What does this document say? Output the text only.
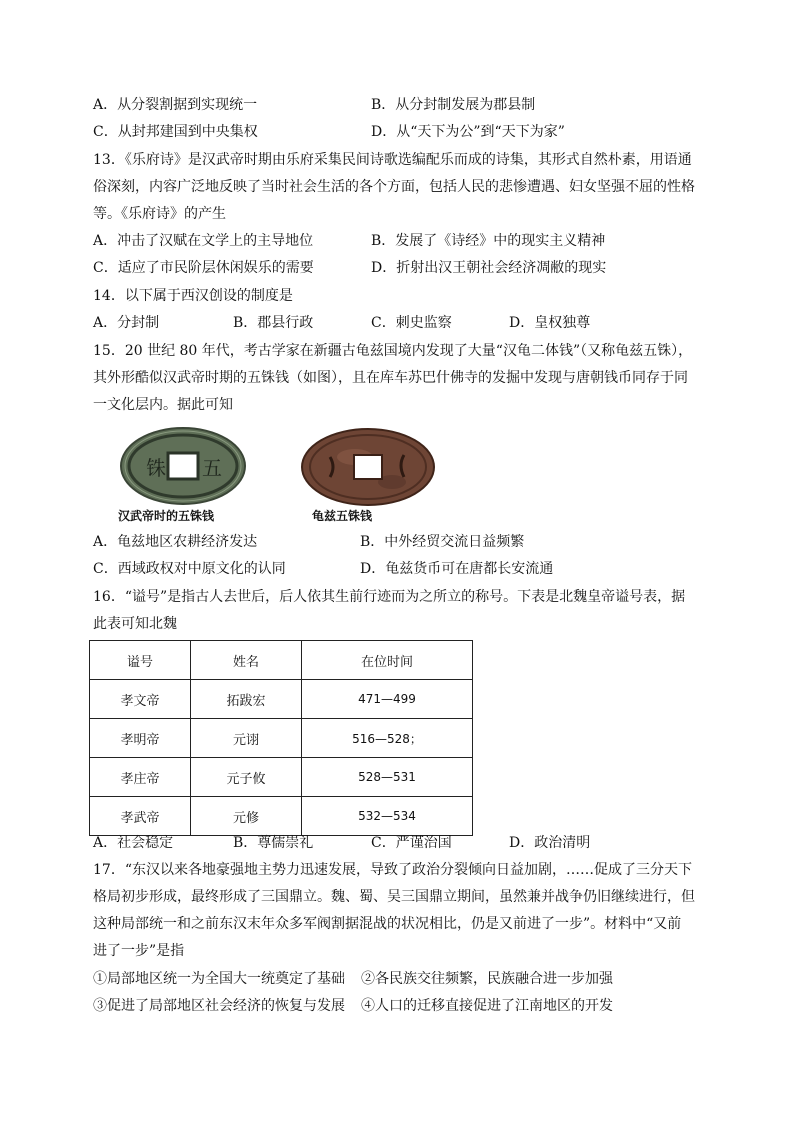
A．从分裂割据到实现统一	B．从分封制发展为郡县制
C．从封邦建国到中央集权	D．从“天下为公”到“天下为家”
13．《乐府诗》是汉武帝时期由乐府采集民间诗歌选编配乐而成的诗集，其形式自然朴素，用语通
俗深刻，内容广泛地反映了当时社会生活的各个方面，包括人民的悲惨遭遇、妇女坚强不屈的性格
等。《乐府诗》的产生
A．冲击了汉赋在文学上的主导地位	B．发展了《诗经》中的现实主义精神
C．适应了市民阶层休闲娱乐的需要	D．折射出汉王朝社会经济凋敝的现实
14．以下属于西汉创设的制度是
A．分封制	B．郡县行政	C．刺史监察	D．皇权独尊
15．20 世纪 80 年代，考古学家在新疆古龟兹国境内发现了大量“汉龟二体钱”（又称龟兹五铢），
其外形酷似汉武帝时期的五铢钱（如图），且在库车苏巴什佛寺的发掘中发现与唐朝钱币同存于同
一文化层内。据此可知
铢 五
汉武帝时的五铢钱	龟兹五铢钱
A．龟兹地区农耕经济发达	B．中外经贸交流日益频繁
C．西域政权对中原文化的认同	D．龟兹货币可在唐都长安流通
16．“谥号”是指古人去世后，后人依其生前行迹而为之所立的称号。下表是北魏皇帝谥号表，据
此表可知北魏
谥号	姓名	在位时间
孝文帝	拓跋宏	471—499
孝明帝	元诩	516—528；
孝庄帝	元子攸	528—531
孝武帝	元修	532—534
A．社会稳定	B．尊儒崇礼	C．严谨治国	D．政治清明
17．“东汉以来各地豪强地主势力迅速发展，导致了政治分裂倾向日益加剧，……促成了三分天下
格局初步形成，最终形成了三国鼎立。魏、蜀、吴三国鼎立期间，虽然兼并战争仍旧继续进行，但
这种局部统一和之前东汉末年众多军阀割据混战的状况相比，仍是又前进了一步”。材料中“又前
进了一步”是指
①局部地区统一为全国大一统奠定了基础 ②各民族交往频繁，民族融合进一步加强
③促进了局部地区社会经济的恢复与发展 ④人口的迁移直接促进了江南地区的开发
